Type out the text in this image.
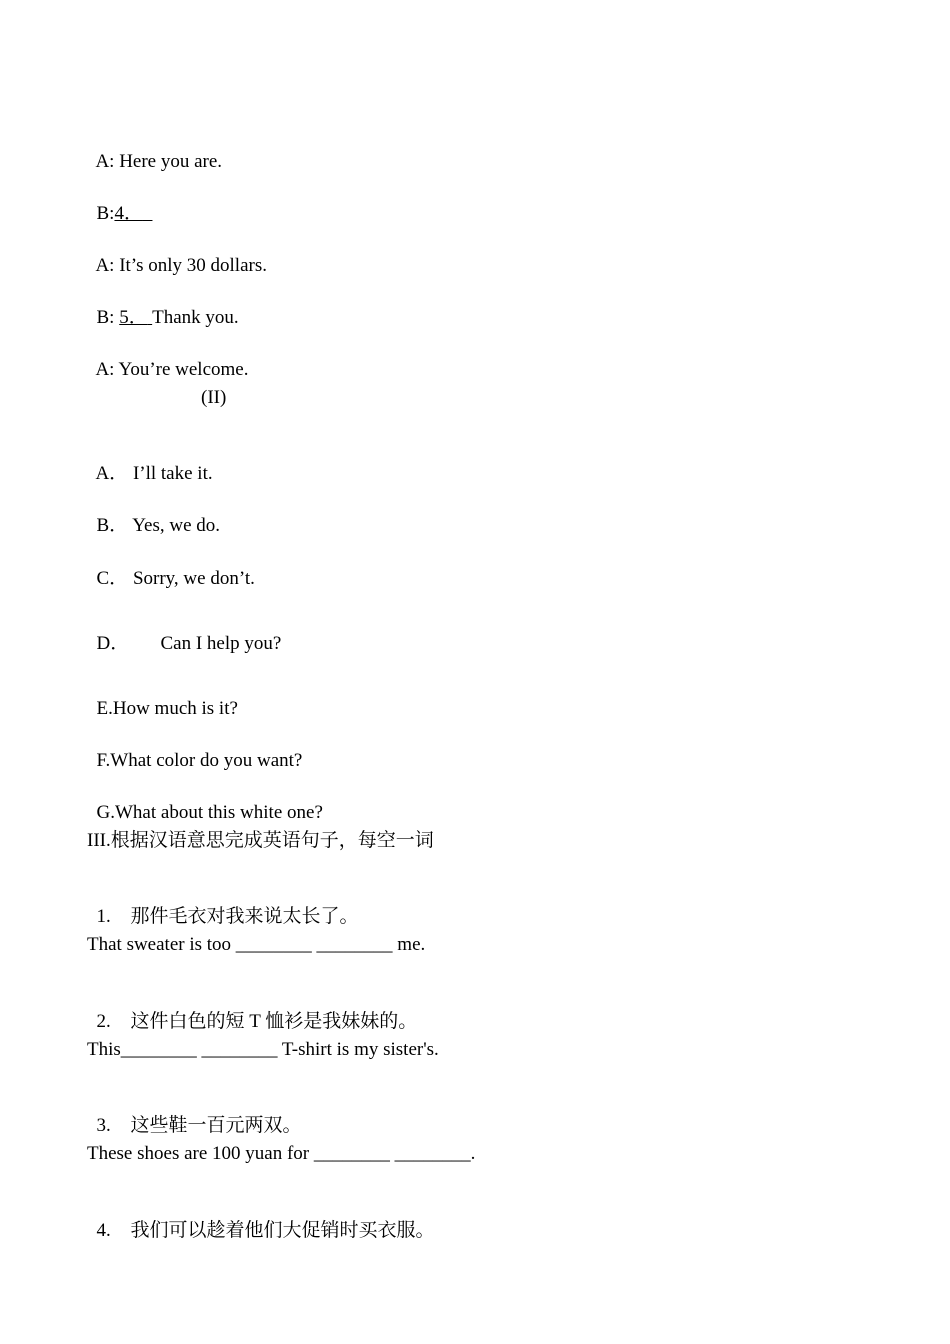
A: Here you are.

B:4．

A: It’s only 30 dollars.

B: 5． Thank you.

A: You’re welcome.

(II)

A． I’ll take it.

B． Yes, we do.

C． Sorry, we don’t.

D． Can I help you?

E.How much is it?

F.What color do you want?

G.What about this white one?

III.根据汉语意思完成英语句子，每空一词

1. 那件毛衣对我来说太长了。

That sweater is too ________ ________ me.

2. 这件白色的短 T 恤衫是我妹妹的。

This________ ________ T-shirt is my sister's.

3. 这些鞋一百元两双。

These shoes are 100 yuan for ________ ________.

4. 我们可以趁着他们大促销时买衣服。
